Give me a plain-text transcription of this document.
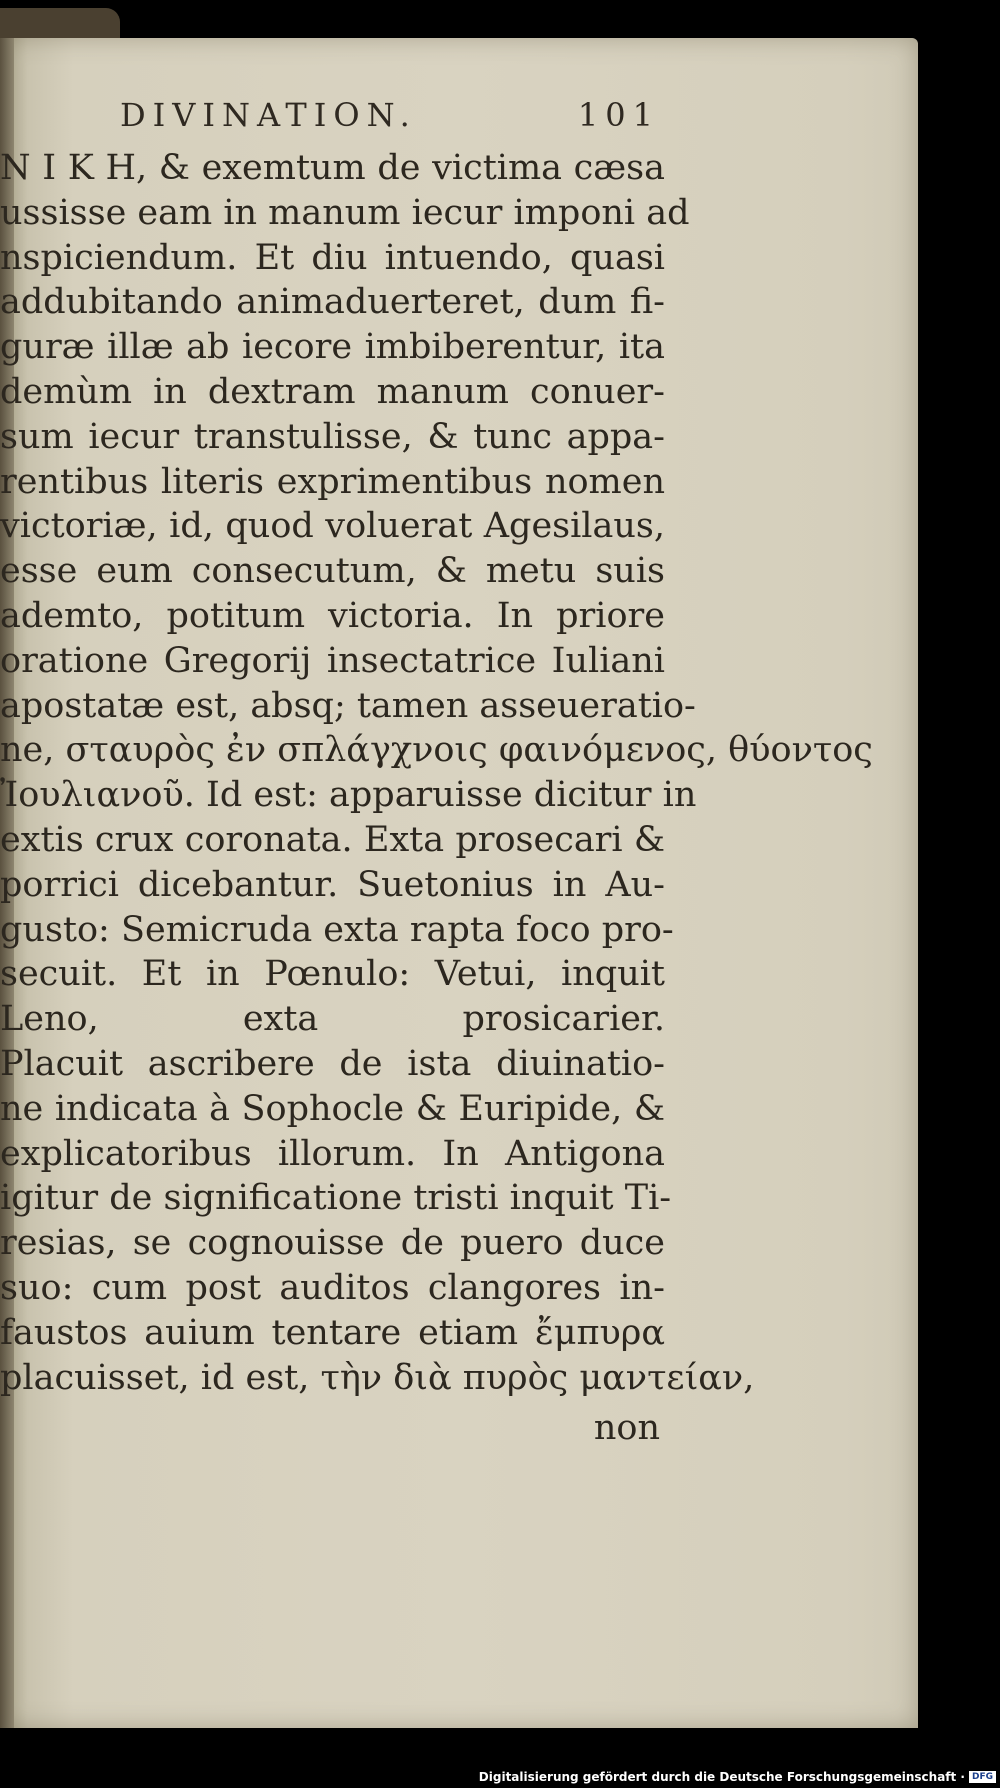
DIVINATION.	101
N I K H, & exemtum de victima cæsa
ussisse eam in manum iecur imponi ad
nspiciendum. Et diu intuendo, quasi
addubitando animaduerteret, dum fi-
guræ illæ ab iecore imbiberentur, ita
demùm in dextram manum conuer-
sum iecur transtulisse, & tunc appa-
rentibus literis exprimentibus nomen
victoriæ, id, quod voluerat Agesilaus,
esse eum consecutum, & metu suis
ademto, potitum victoria. In priore
oratione Gregorij insectatrice Iuliani
apostatæ est, absq; tamen asseueratio-
ne, σταυρὸς ἐν σπλάγχνοις φαινόμενος, θύοντος
Ἰουλιανοῦ. Id est: apparuisse dicitur in
extis crux coronata. Exta prosecari &
porrici dicebantur. Suetonius in Au-
gusto: Semicruda exta rapta foco pro-
secuit. Et in Pœnulo: Vetui, inquit
Leno, exta prosicarier.
Placuit ascribere de ista diuinatio-
ne indicata à Sophocle & Euripide, &
explicatoribus illorum. In Antigona
igitur de significatione tristi inquit Ti-
resias, se cognouisse de puero duce
suo: cum post auditos clangores in-
faustos auium tentare etiam ἔμπυρα
placuisset, id est, τὴν διὰ πυρὸς μαντείαν,
non
Digitalisierung gefördert durch die Deutsche Forschungsgemeinschaft · DFG
